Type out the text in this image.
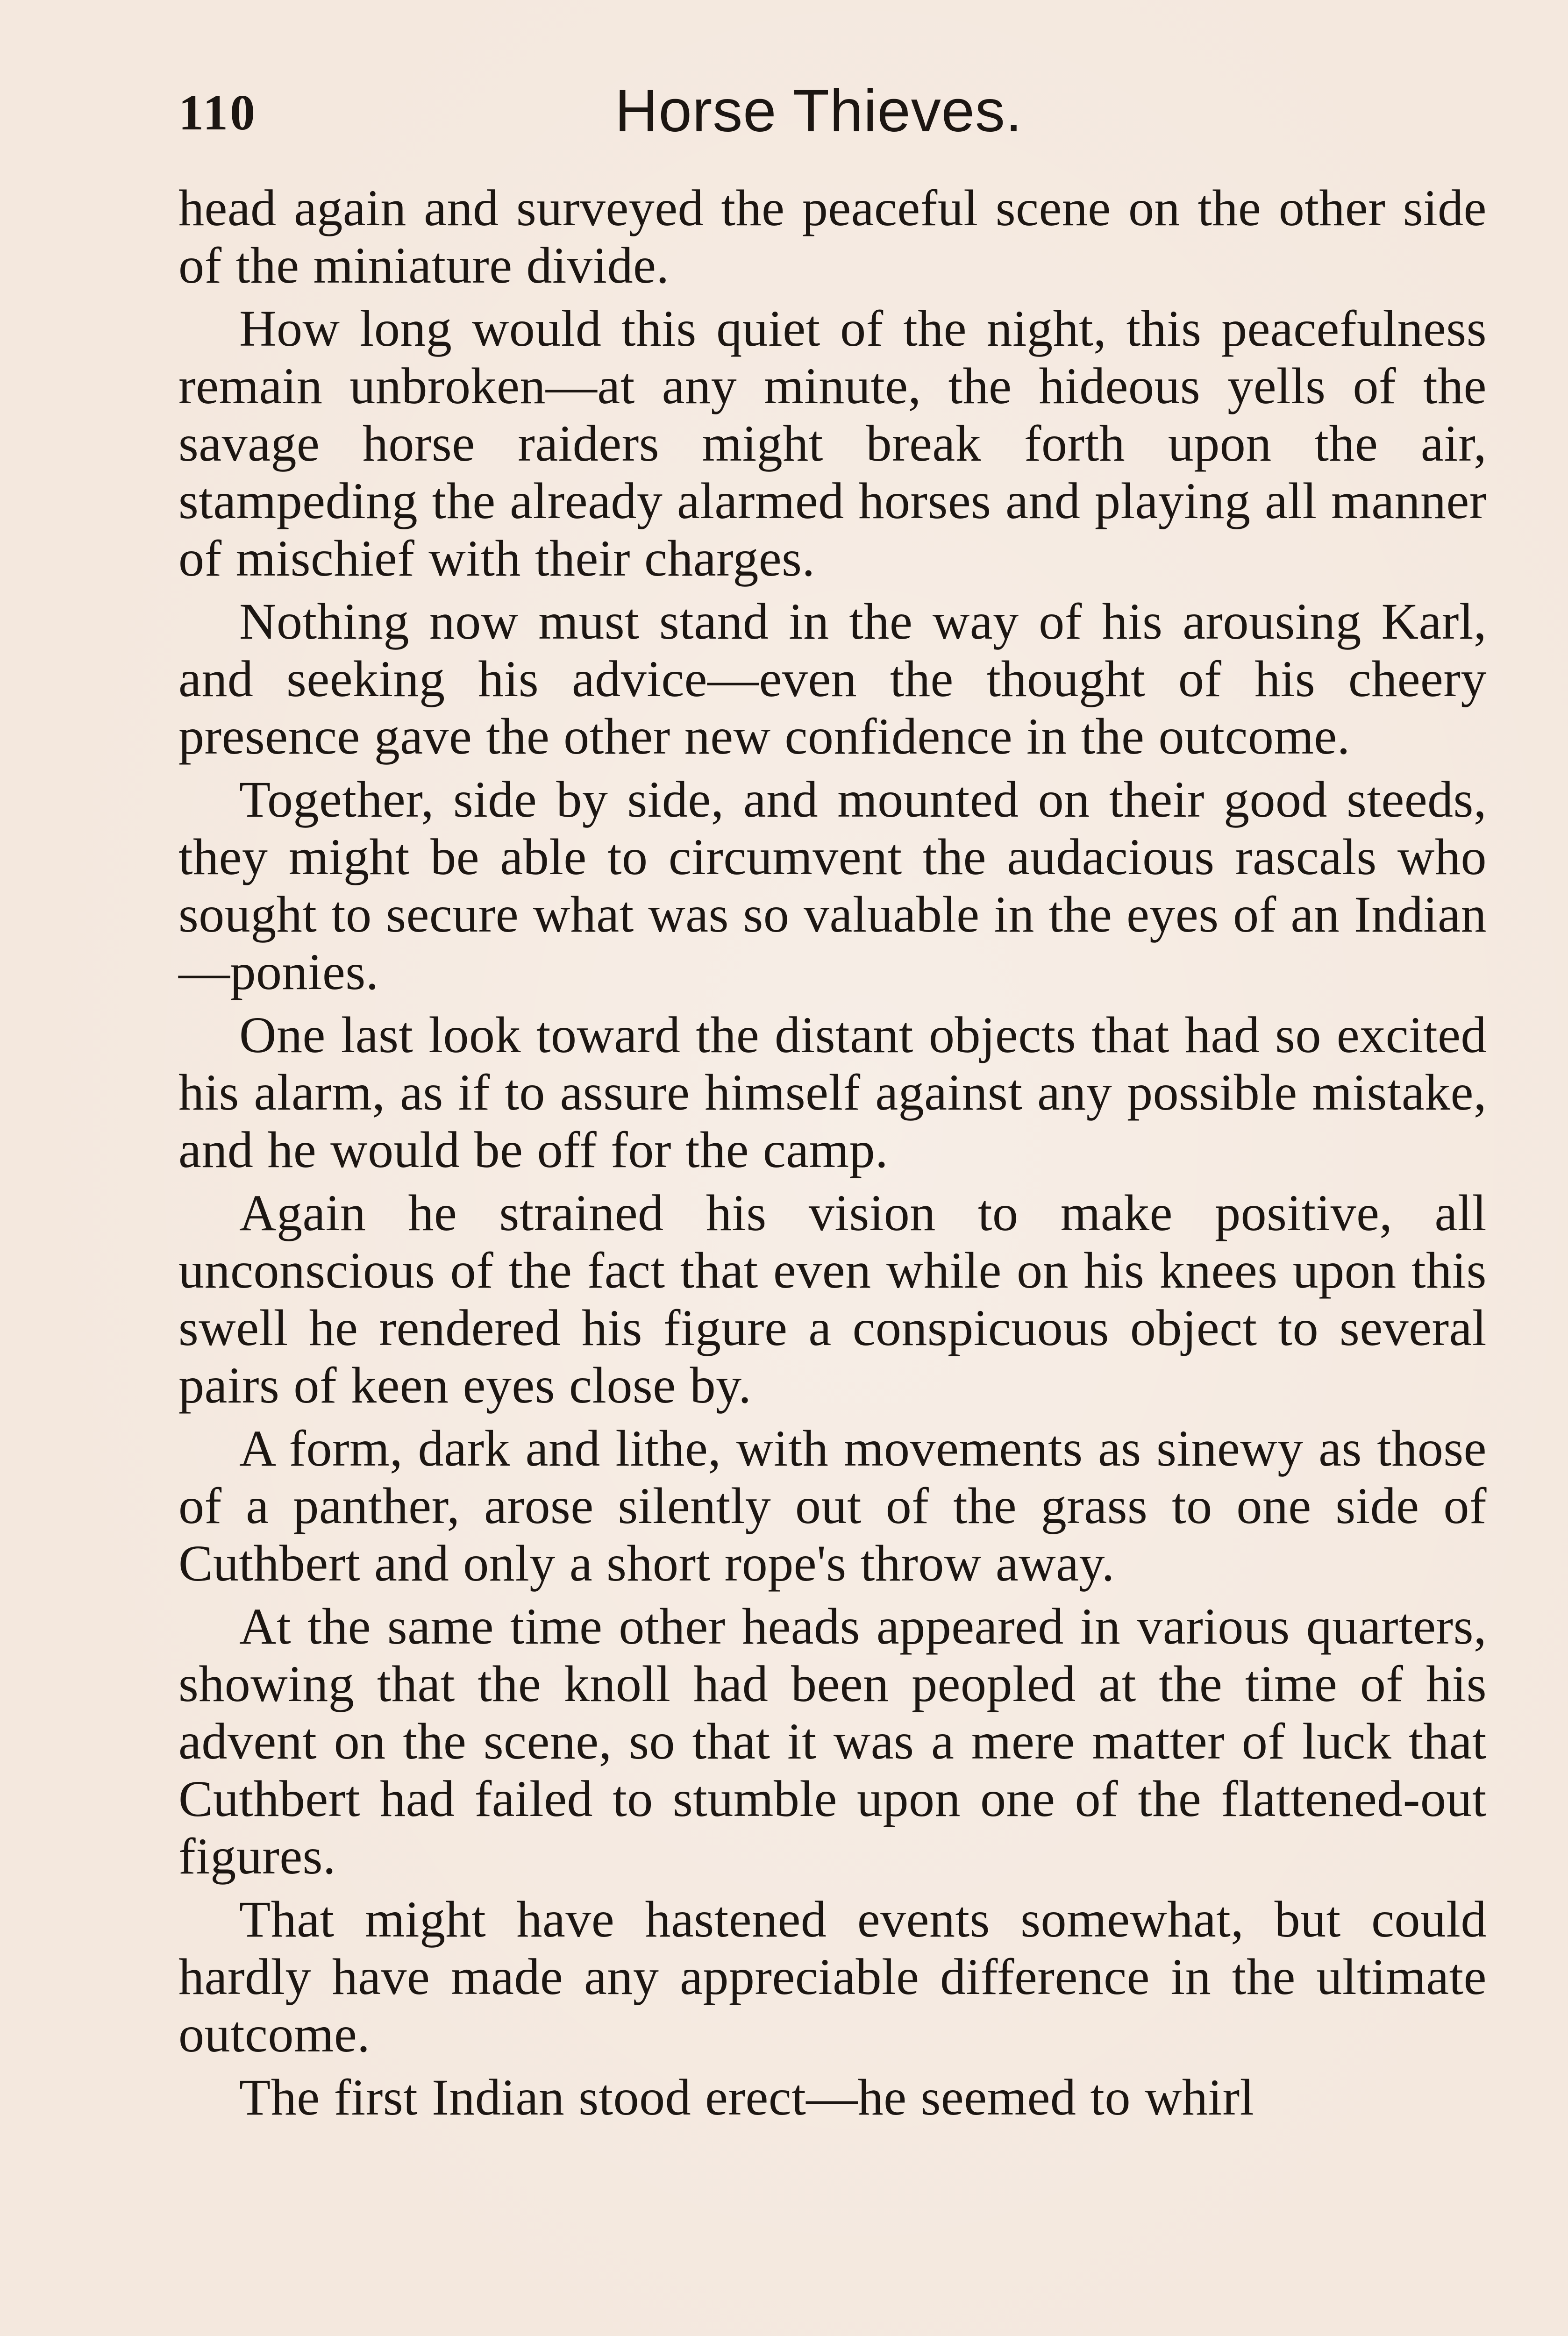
110	Horse Thieves.

head again and surveyed the peaceful scene on the other side of the miniature divide.

How long would this quiet of the night, this peacefulness remain unbroken—at any minute, the hideous yells of the savage horse raiders might break forth upon the air, stampeding the already alarmed horses and playing all manner of mischief with their charges.

Nothing now must stand in the way of his arousing Karl, and seeking his advice—even the thought of his cheery presence gave the other new confidence in the outcome.

Together, side by side, and mounted on their good steeds, they might be able to circumvent the audacious rascals who sought to secure what was so valuable in the eyes of an Indian—ponies.

One last look toward the distant objects that had so excited his alarm, as if to assure himself against any possible mistake, and he would be off for the camp.

Again he strained his vision to make positive, all unconscious of the fact that even while on his knees upon this swell he rendered his figure a conspicuous object to several pairs of keen eyes close by.

A form, dark and lithe, with movements as sinewy as those of a panther, arose silently out of the grass to one side of Cuthbert and only a short rope's throw away.

At the same time other heads appeared in various quarters, showing that the knoll had been peopled at the time of his advent on the scene, so that it was a mere matter of luck that Cuthbert had failed to stumble upon one of the flattened-out figures.

That might have hastened events somewhat, but could hardly have made any appreciable difference in the ultimate outcome.

The first Indian stood erect—he seemed to whirl
